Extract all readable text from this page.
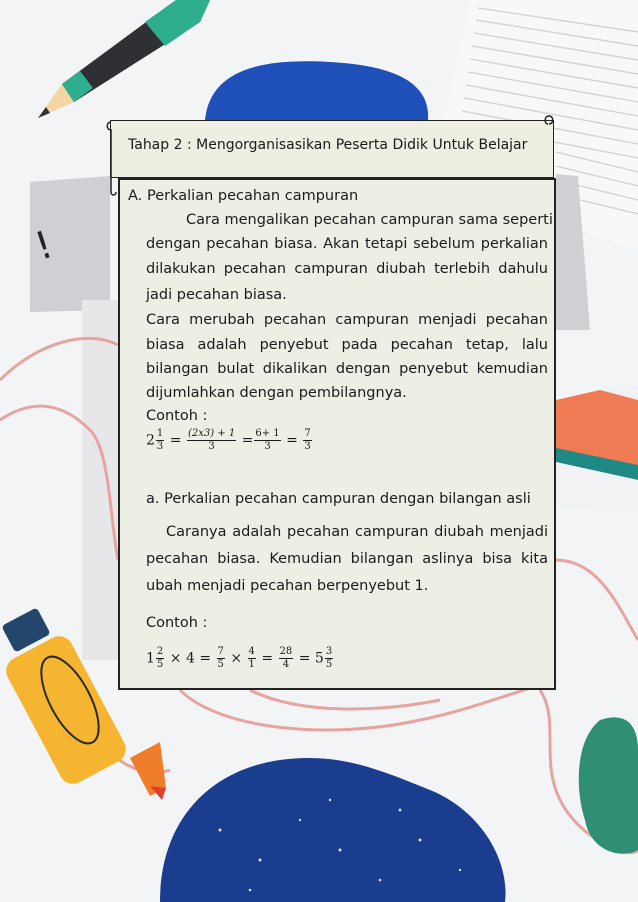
!
Tahap 2 : Mengorganisasikan Peserta Didik Untuk Belajar
A. Perkalian pecahan campuran
Cara mengalikan pecahan campuran sama seperti
dengan pecahan biasa. Akan tetapi sebelum perkalian
dilakukan pecahan campuran diubah terlebih dahulu
jadi pecahan biasa.
Cara merubah pecahan campuran menjadi pecahan
biasa adalah penyebut pada pecahan tetap, lalu
bilangan bulat dikalikan dengan penyebut kemudian
dijumlahkan dengan pembilangnya.
Contoh :
$2 \frac{1}{3} = \frac{(2x3) + 1}{3} = \frac{6+ 1}{3} = \frac{7}{3}$
a. Perkalian pecahan campuran dengan bilangan asli
Caranya adalah pecahan campuran diubah menjadi
pecahan biasa. Kemudian bilangan aslinya bisa kita
ubah menjadi pecahan berpenyebut 1.
Contoh :
$1 \frac{2}{5} \times 4 = \frac{7}{5} \times \frac{4}{1} = \frac{28}{4} = 5 \frac{3}{5}$
